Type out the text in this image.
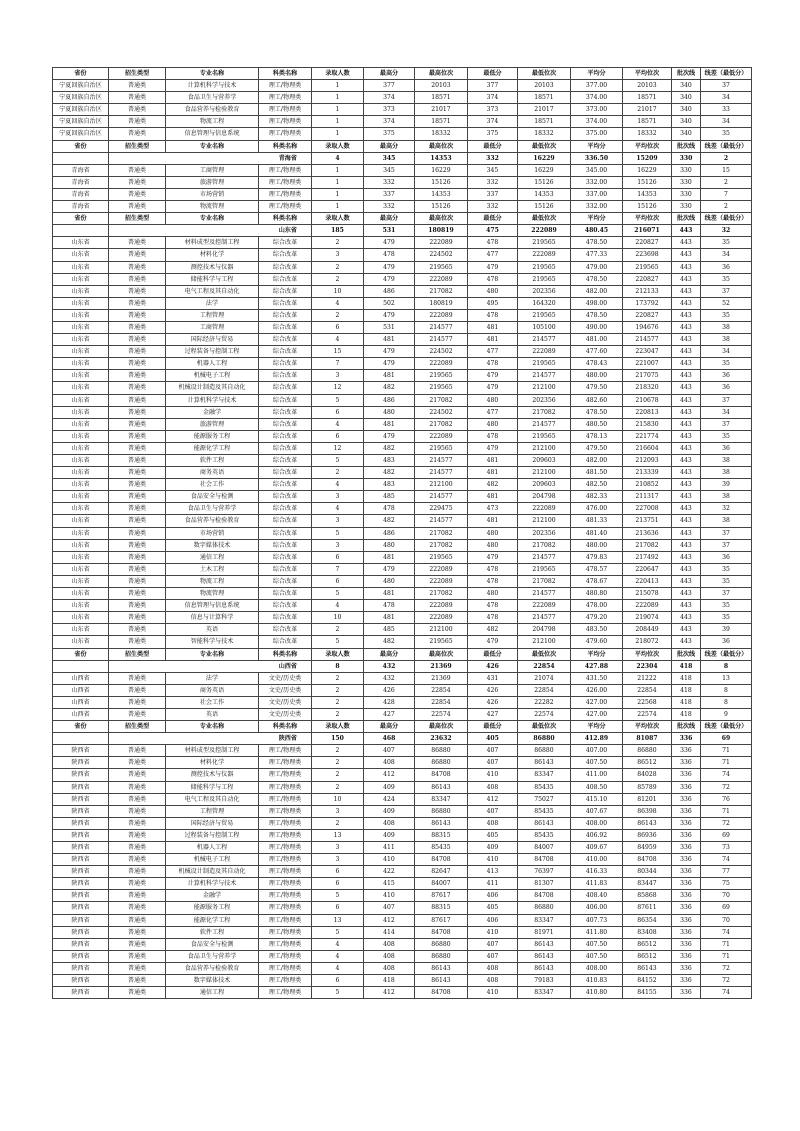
省份	招生类型	专业名称	科类名称	录取人数	最高分	最高位次	最低分	最低位次	平均分	平均位次	批次线	线差（最低分）
宁夏回族自治区	普通类	计算机科学与技术	理工/物理类	1	377	20103	377	20103	377.00	20103	340	37
宁夏回族自治区	普通类	食品卫生与营养学	理工/物理类	1	374	18571	374	18571	374.00	18571	340	34
宁夏回族自治区	普通类	食品营养与检验教育	理工/物理类	1	373	21017	373	21017	373.00	21017	340	33
宁夏回族自治区	普通类	物流工程	理工/物理类	1	374	18571	374	18571	374.00	18571	340	34
宁夏回族自治区	普通类	信息管理与信息系统	理工/物理类	1	375	18332	375	18332	375.00	18332	340	35
省份	招生类型	专业名称	科类名称	录取人数	最高分	最高位次	最低分	最低位次	平均分	平均位次	批次线	线差（最低分）
	青海省			4	345	14353	332	16229	336.50	15209	330	2
青海省	普通类	工商管理	理工/物理类	1	345	16229	345	16229	345.00	16229	330	15
青海省	普通类	旅游管理	理工/物理类	1	332	15126	332	15126	332.00	15126	330	2
青海省	普通类	市场营销	理工/物理类	1	337	14353	337	14353	337.00	14353	330	7
青海省	普通类	物流管理	理工/物理类	1	332	15126	332	15126	332.00	15126	330	2
省份	招生类型	专业名称	科类名称	录取人数	最高分	最高位次	最低分	最低位次	平均分	平均位次	批次线	线差（最低分）
	山东省			185	531	180819	475	222089	480.45	216071	443	32
山东省	普通类	材料成型及控制工程	综合改革	2	479	222089	478	219565	478.50	220827	443	35
山东省	普通类	材料化学	综合改革	3	478	224502	477	222089	477.33	223698	443	34
山东省	普通类	测控技术与仪器	综合改革	2	479	219565	479	219565	479.00	219565	443	36
山东省	普通类	储能科学与工程	综合改革	2	479	222089	478	219565	478.50	220827	443	35
山东省	普通类	电气工程及其自动化	综合改革	10	486	217082	480	202356	482.00	212133	443	37
山东省	普通类	法学	综合改革	4	502	180819	495	164320	498.00	173792	443	52
山东省	普通类	工程管理	综合改革	2	479	222089	478	219565	478.50	220827	443	35
山东省	普通类	工商管理	综合改革	6	531	214577	481	105100	490.00	194676	443	38
山东省	普通类	国际经济与贸易	综合改革	4	481	214577	481	214577	481.00	214577	443	38
山东省	普通类	过程装备与控制工程	综合改革	15	479	224502	477	222089	477.60	223047	443	34
山东省	普通类	机器人工程	综合改革	7	479	222089	478	219565	478.43	221007	443	35
山东省	普通类	机械电子工程	综合改革	3	481	219565	479	214577	480.00	217075	443	36
山东省	普通类	机械设计制造及其自动化	综合改革	12	482	219565	479	212100	479.50	218320	443	36
山东省	普通类	计算机科学与技术	综合改革	5	486	217082	480	202356	482.60	210678	443	37
山东省	普通类	金融学	综合改革	6	480	224502	477	217082	478.50	220813	443	34
山东省	普通类	旅游管理	综合改革	4	481	217082	480	214577	480.50	215830	443	37
山东省	普通类	能源服务工程	综合改革	6	479	222089	478	219565	478.13	221774	443	35
山东省	普通类	能源化学工程	综合改革	12	482	219565	479	212100	479.50	216604	443	36
山东省	普通类	软件工程	综合改革	5	483	214577	481	209603	482.00	212093	443	38
山东省	普通类	商务英语	综合改革	2	482	214577	481	212100	481.50	213339	443	38
山东省	普通类	社会工作	综合改革	4	483	212100	482	209603	482.50	210852	443	39
山东省	普通类	食品安全与检测	综合改革	3	485	214577	481	204798	482.33	211317	443	38
山东省	普通类	食品卫生与营养学	综合改革	4	478	229475	473	222089	476.00	227008	443	32
山东省	普通类	食品营养与检验教育	综合改革	3	482	214577	481	212100	481.33	213751	443	38
山东省	普通类	市场营销	综合改革	5	486	217082	480	202356	481.40	213636	443	37
山东省	普通类	数字媒体技术	综合改革	3	480	217082	480	217082	480.00	217082	443	37
山东省	普通类	通信工程	综合改革	6	481	219565	479	214577	479.83	217492	443	36
山东省	普通类	土木工程	综合改革	7	479	222089	478	219565	478.57	220647	443	35
山东省	普通类	物流工程	综合改革	6	480	222089	478	217082	478.67	220413	443	35
山东省	普通类	物流管理	综合改革	5	481	217082	480	214577	480.80	215078	443	37
山东省	普通类	信息管理与信息系统	综合改革	4	478	222089	478	222089	478.00	222089	443	35
山东省	普通类	信息与计算科学	综合改革	10	481	222089	478	214577	479.20	219074	443	35
山东省	普通类	英语	综合改革	2	485	212100	482	204798	483.50	208449	443	39
山东省	普通类	智能科学与技术	综合改革	5	482	219565	479	212100	479.60	218072	443	36
省份	招生类型	专业名称	科类名称	录取人数	最高分	最高位次	最低分	最低位次	平均分	平均位次	批次线	线差（最低分）
	山西省			8	432	21369	426	22854	427.88	22304	418	8
山西省	普通类	法学	文史/历史类	2	432	21369	431	21074	431.50	21222	418	13
山西省	普通类	商务英语	文史/历史类	2	426	22854	426	22854	426.00	22854	418	8
山西省	普通类	社会工作	文史/历史类	2	428	22854	426	22282	427.00	22568	418	8
山西省	普通类	英语	文史/历史类	2	427	22574	427	22574	427.00	22574	418	9
省份	招生类型	专业名称	科类名称	录取人数	最高分	最高位次	最低分	最低位次	平均分	平均位次	批次线	线差（最低分）
	陕西省			150	468	23632	405	86880	412.89	81087	336	69
陕西省	普通类	材料成型及控制工程	理工/物理类	2	407	86880	407	86880	407.00	86880	336	71
陕西省	普通类	材料化学	理工/物理类	2	408	86880	407	86143	407.50	86512	336	71
陕西省	普通类	测控技术与仪器	理工/物理类	2	412	84708	410	83347	411.00	84028	336	74
陕西省	普通类	储能科学与工程	理工/物理类	2	409	86143	408	85435	408.50	85789	336	72
陕西省	普通类	电气工程及其自动化	理工/物理类	10	424	83347	412	75027	415.10	81201	336	76
陕西省	普通类	工程管理	理工/物理类	3	409	86880	407	85435	407.67	86398	336	71
陕西省	普通类	国际经济与贸易	理工/物理类	2	408	86143	408	86143	408.00	86143	336	72
陕西省	普通类	过程装备与控制工程	理工/物理类	13	409	88315	405	85435	406.92	86936	336	69
陕西省	普通类	机器人工程	理工/物理类	3	411	85435	409	84007	409.67	84959	336	73
陕西省	普通类	机械电子工程	理工/物理类	3	410	84708	410	84708	410.00	84708	336	74
陕西省	普通类	机械设计制造及其自动化	理工/物理类	6	422	82647	413	76397	416.33	80344	336	77
陕西省	普通类	计算机科学与技术	理工/物理类	6	415	84007	411	81307	411.83	83447	336	75
陕西省	普通类	金融学	理工/物理类	5	410	87617	406	84708	408.40	85868	336	70
陕西省	普通类	能源服务工程	理工/物理类	6	407	88315	405	86880	406.00	87611	336	69
陕西省	普通类	能源化学工程	理工/物理类	13	412	87617	406	83347	407.73	86354	336	70
陕西省	普通类	软件工程	理工/物理类	5	414	84708	410	81971	411.80	83408	336	74
陕西省	普通类	食品安全与检测	理工/物理类	4	408	86880	407	86143	407.50	86512	336	71
陕西省	普通类	食品卫生与营养学	理工/物理类	4	408	86880	407	86143	407.50	86512	336	71
陕西省	普通类	食品营养与检验教育	理工/物理类	4	408	86143	408	86143	408.00	86143	336	72
陕西省	普通类	数字媒体技术	理工/物理类	6	418	86143	408	79183	410.83	84152	336	72
陕西省	普通类	通信工程	理工/物理类	5	412	84708	410	83347	410.80	84155	336	74
